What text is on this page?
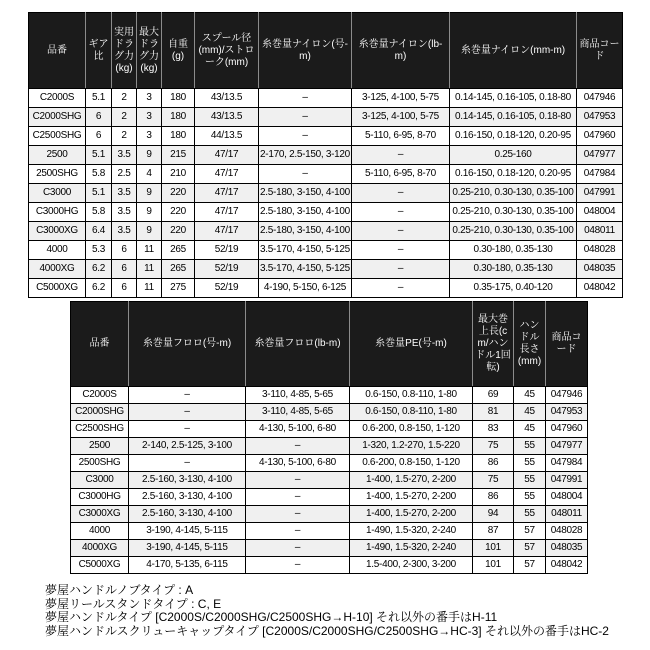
品番	ギア比	実用ドラグ力(kg)	最大ドラグ力(kg)	自重(g)	スプール径(mm)/ストローク(mm)	糸巻量ナイロン(号-m)	糸巻量ナイロン(lb-m)	糸巻量ナイロン(mm-m)	商品コード
C2000S	5.1	2	3	180	43/13.5	–	3-125, 4-100, 5-75	0.14-145, 0.16-105, 0.18-80	047946
C2000SHG	6	2	3	180	43/13.5	–	3-125, 4-100, 5-75	0.14-145, 0.16-105, 0.18-80	047953
C2500SHG	6	2	3	180	44/13.5	–	5-110, 6-95, 8-70	0.16-150, 0.18-120, 0.20-95	047960
2500	5.1	3.5	9	215	47/17	2-170, 2.5-150, 3-120	–	0.25-160	047977
2500SHG	5.8	2.5	4	210	47/17	–	5-110, 6-95, 8-70	0.16-150, 0.18-120, 0.20-95	047984
C3000	5.1	3.5	9	220	47/17	2.5-180, 3-150, 4-100	–	0.25-210, 0.30-130, 0.35-100	047991
C3000HG	5.8	3.5	9	220	47/17	2.5-180, 3-150, 4-100	–	0.25-210, 0.30-130, 0.35-100	048004
C3000XG	6.4	3.5	9	220	47/17	2.5-180, 3-150, 4-100	–	0.25-210, 0.30-130, 0.35-100	048011
4000	5.3	6	11	265	52/19	3.5-170, 4-150, 5-125	–	0.30-180, 0.35-130	048028
4000XG	6.2	6	11	265	52/19	3.5-170, 4-150, 5-125	–	0.30-180, 0.35-130	048035
C5000XG	6.2	6	11	275	52/19	4-190, 5-150, 6-125	–	0.35-175, 0.40-120	048042
品番	糸巻量フロロ(号-m)	糸巻量フロロ(lb-m)	糸巻量PE(号-m)	最大巻上長(cm/ハンドル1回転)	ハンドル長さ(mm)	商品コード
C2000S	–	3-110, 4-85, 5-65	0.6-150, 0.8-110, 1-80	69	45	047946
C2000SHG	–	3-110, 4-85, 5-65	0.6-150, 0.8-110, 1-80	81	45	047953
C2500SHG	–	4-130, 5-100, 6-80	0.6-200, 0.8-150, 1-120	83	45	047960
2500	2-140, 2.5-125, 3-100	–	1-320, 1.2-270, 1.5-220	75	55	047977
2500SHG	–	4-130, 5-100, 6-80	0.6-200, 0.8-150, 1-120	86	55	047984
C3000	2.5-160, 3-130, 4-100	–	1-400, 1.5-270, 2-200	75	55	047991
C3000HG	2.5-160, 3-130, 4-100	–	1-400, 1.5-270, 2-200	86	55	048004
C3000XG	2.5-160, 3-130, 4-100	–	1-400, 1.5-270, 2-200	94	55	048011
4000	3-190, 4-145, 5-115	–	1-490, 1.5-320, 2-240	87	57	048028
4000XG	3-190, 4-145, 5-115	–	1-490, 1.5-320, 2-240	101	57	048035
C5000XG	4-170, 5-135, 6-115	–	1.5-400, 2-300, 3-200	101	57	048042
夢屋ハンドルノブタイプ : A
夢屋リールスタンドタイプ : C, E
夢屋ハンドルタイプ [C2000S/C2000SHG/C2500SHG→H-10] それ以外の番手はH-11
夢屋ハンドルスクリューキャップタイプ [C2000S/C2000SHG/C2500SHG→HC-3] それ以外の番手はHC-2
